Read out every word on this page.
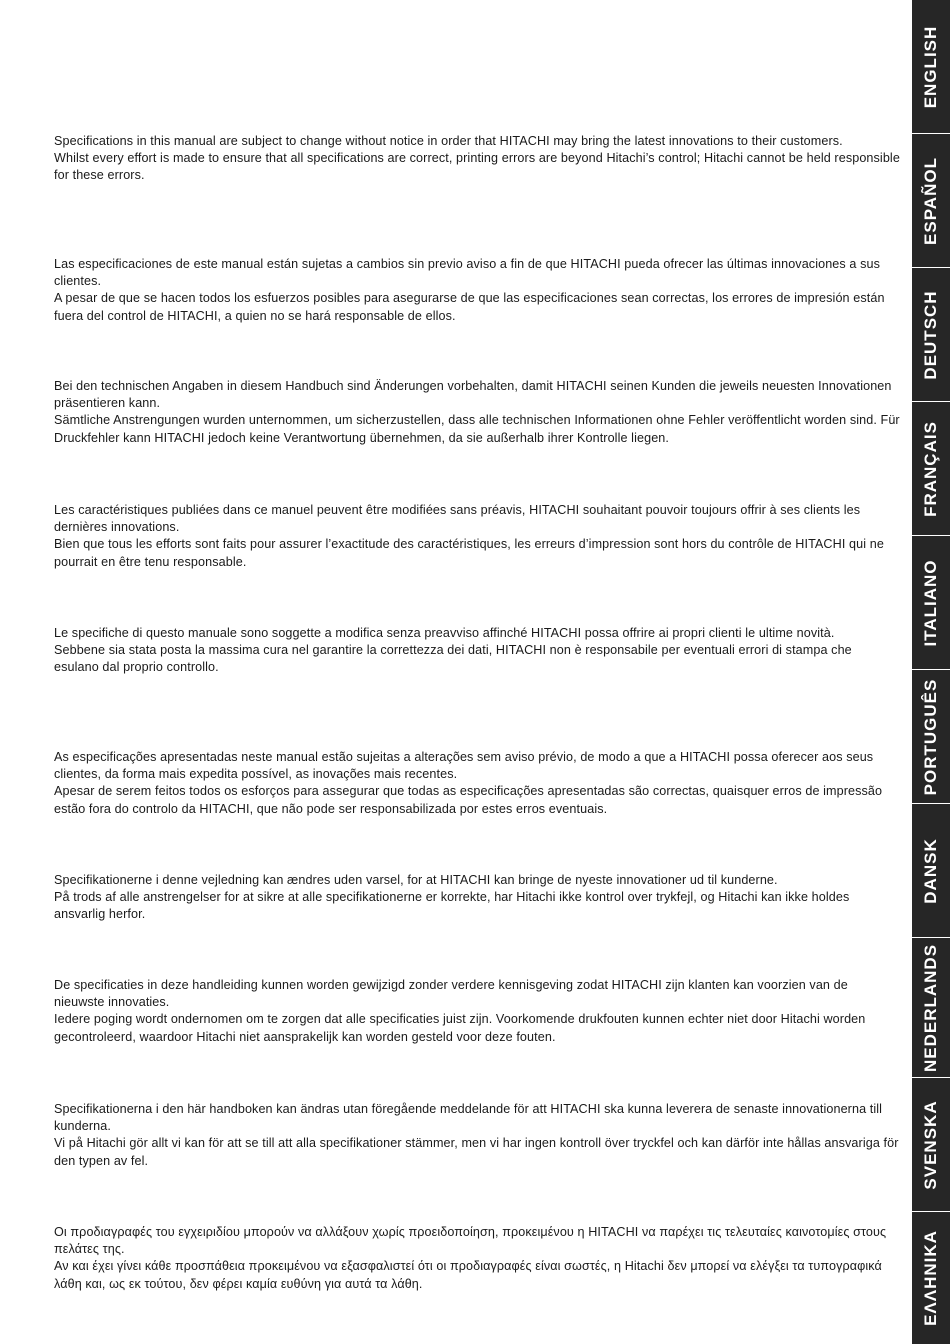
Specifications in this manual are subject to change without notice in order that HITACHI may bring the latest innovations to their customers.

Whilst every effort is made to ensure that all specifications are correct, printing errors are beyond Hitachi’s control; Hitachi cannot be held responsible for these errors.

Las especificaciones de este manual están sujetas a cambios sin previo aviso a fin de que HITACHI pueda ofrecer las últimas innovaciones a sus clientes.

A pesar de que se hacen todos los esfuerzos posibles para asegurarse de que las especificaciones sean correctas, los errores de impresión están fuera del control de HITACHI, a quien no se hará responsable de ellos.

Bei den technischen Angaben in diesem Handbuch sind Änderungen vorbehalten, damit HITACHI seinen Kunden die jeweils neuesten Innovationen präsentieren kann.

Sämtliche Anstrengungen wurden unternommen, um sicherzustellen, dass alle technischen Informationen ohne Fehler veröffentlicht worden sind. Für Druckfehler kann HITACHI jedoch keine Verantwortung übernehmen, da sie außerhalb ihrer Kontrolle liegen.

Les caractéristiques publiées dans ce manuel peuvent être modifiées sans préavis, HITACHI souhaitant pouvoir toujours offrir à ses clients les dernières innovations.

Bien que tous les efforts sont faits pour assurer l’exactitude des caractéristiques, les erreurs d’impression sont hors du contrôle de HITACHI qui ne pourrait en être tenu responsable.

Le specifiche di questo manuale sono soggette a modifica senza preavviso affinché HITACHI possa offrire ai propri clienti le ultime novità.

Sebbene sia stata posta la massima cura nel garantire la correttezza dei dati, HITACHI non è responsabile per eventuali errori di stampa che esulano dal proprio controllo.

As especificações apresentadas neste manual estão sujeitas a alterações sem aviso prévio, de modo a que a HITACHI possa oferecer aos seus clientes, da forma mais expedita possível, as inovações mais recentes.

Apesar de serem feitos todos os esforços para assegurar que todas as especificações apresentadas são correctas, quaisquer erros de impressão estão fora do controlo da HITACHI, que não pode ser responsabilizada por estes erros eventuais.

Specifikationerne i denne vejledning kan ændres uden varsel, for at HITACHI kan bringe de nyeste innovationer ud til kunderne.

På trods af alle anstrengelser for at sikre at alle specifikationerne er korrekte, har Hitachi ikke kontrol over trykfejl, og Hitachi kan ikke holdes ansvarlig herfor.

De specificaties in deze handleiding kunnen worden gewijzigd zonder verdere kennisgeving zodat HITACHI zijn klanten kan voorzien van de nieuwste innovaties.

Iedere poging wordt ondernomen om te zorgen dat alle specificaties juist zijn. Voorkomende drukfouten kunnen echter niet door Hitachi worden gecontroleerd, waardoor Hitachi niet aansprakelijk kan worden gesteld voor deze fouten.

Specifikationerna i den här handboken kan ändras utan föregående meddelande för att HITACHI ska kunna leverera de senaste innovationerna till kunderna.

Vi på Hitachi gör allt vi kan för att se till att alla specifikationer stämmer, men vi har ingen kontroll över tryckfel och kan därför inte hållas ansvariga för den typen av fel.

Οι προδιαγραφές του εγχειριδίου μπορούν να αλλάξουν χωρίς προειδοποίηση, προκειμένου η HITACHI να παρέχει τις τελευταίες καινοτομίες στους πελάτες της.

Αν και έχει γίνει κάθε προσπάθεια προκειμένου να εξασφαλιστεί ότι οι προδιαγραφές είναι σωστές, η Hitachi δεν μπορεί να ελέγξει τα τυπογραφικά λάθη και, ως εκ τούτου, δεν φέρει καμία ευθύνη για αυτά τα λάθη.

ENGLISH
ESPAÑOL
DEUTSCH
FRANÇAIS
ITALIANO
PORTUGUÊS
DANSK
NEDERLANDS
SVENSKA
ΕΛΛΗΝΙΚΑ
